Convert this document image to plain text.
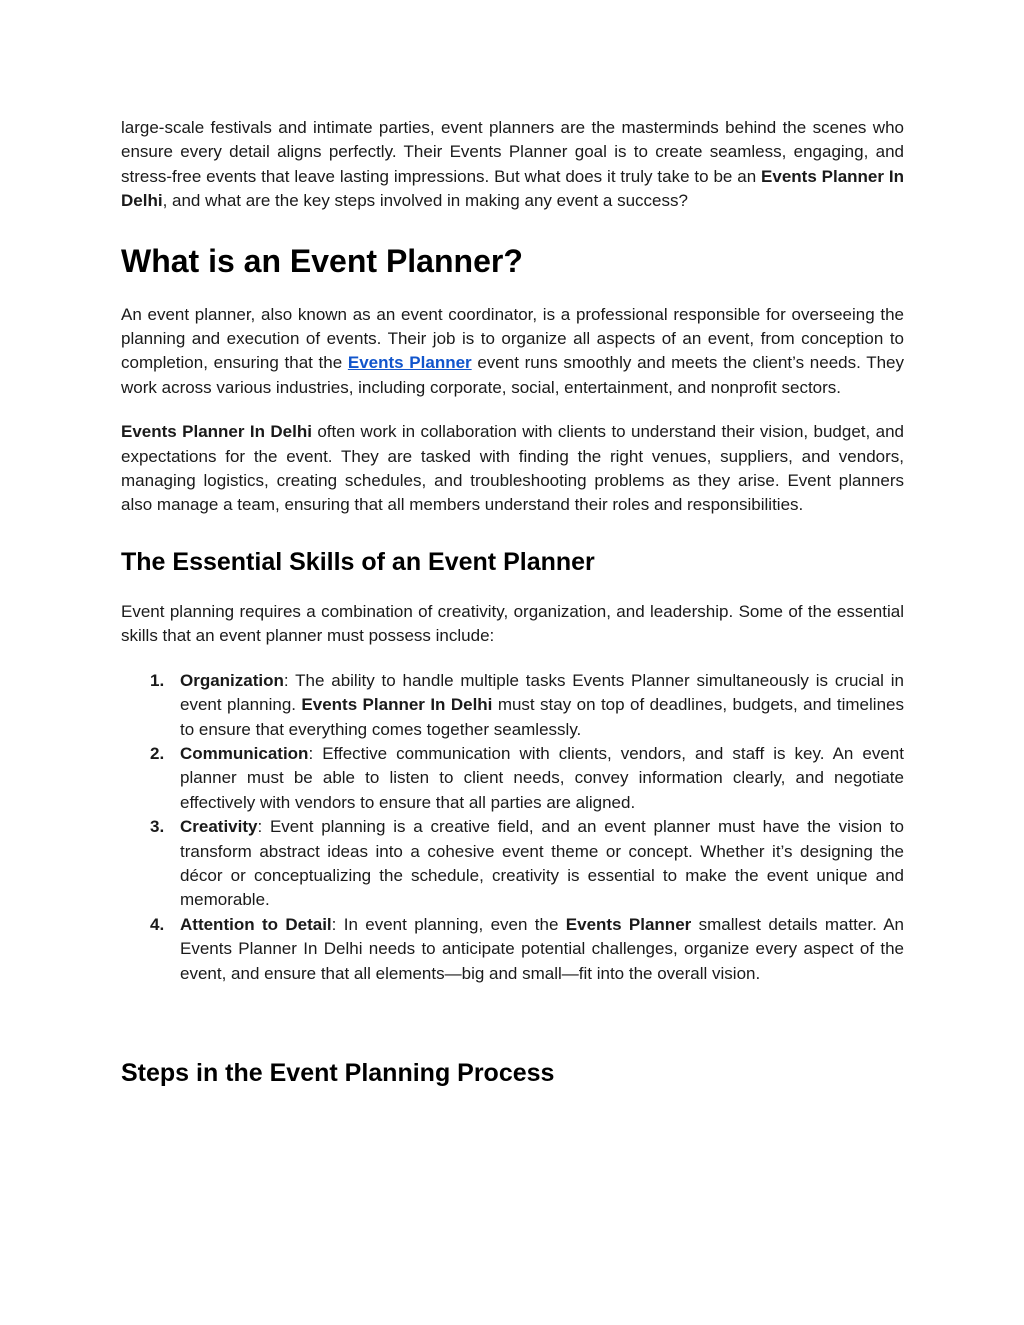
large-scale festivals and intimate parties, event planners are the masterminds behind the scenes who ensure every detail aligns perfectly. Their Events Planner goal is to create seamless, engaging, and stress-free events that leave lasting impressions. But what does it truly take to be an Events Planner In Delhi, and what are the key steps involved in making any event a success?

What is an Event Planner?

An event planner, also known as an event coordinator, is a professional responsible for overseeing the planning and execution of events. Their job is to organize all aspects of an event, from conception to completion, ensuring that the Events Planner event runs smoothly and meets the client’s needs. They work across various industries, including corporate, social, entertainment, and nonprofit sectors.

Events Planner In Delhi often work in collaboration with clients to understand their vision, budget, and expectations for the event. They are tasked with finding the right venues, suppliers, and vendors, managing logistics, creating schedules, and troubleshooting problems as they arise. Event planners also manage a team, ensuring that all members understand their roles and responsibilities.

The Essential Skills of an Event Planner

Event planning requires a combination of creativity, organization, and leadership. Some of the essential skills that an event planner must possess include:

1. Organization: The ability to handle multiple tasks Events Planner simultaneously is crucial in event planning. Events Planner In Delhi must stay on top of deadlines, budgets, and timelines to ensure that everything comes together seamlessly.
2. Communication: Effective communication with clients, vendors, and staff is key. An event planner must be able to listen to client needs, convey information clearly, and negotiate effectively with vendors to ensure that all parties are aligned.
3. Creativity: Event planning is a creative field, and an event planner must have the vision to transform abstract ideas into a cohesive event theme or concept. Whether it’s designing the décor or conceptualizing the schedule, creativity is essential to make the event unique and memorable.
4. Attention to Detail: In event planning, even the Events Planner smallest details matter. An Events Planner In Delhi needs to anticipate potential challenges, organize every aspect of the event, and ensure that all elements—big and small—fit into the overall vision.
Steps in the Event Planning Process
